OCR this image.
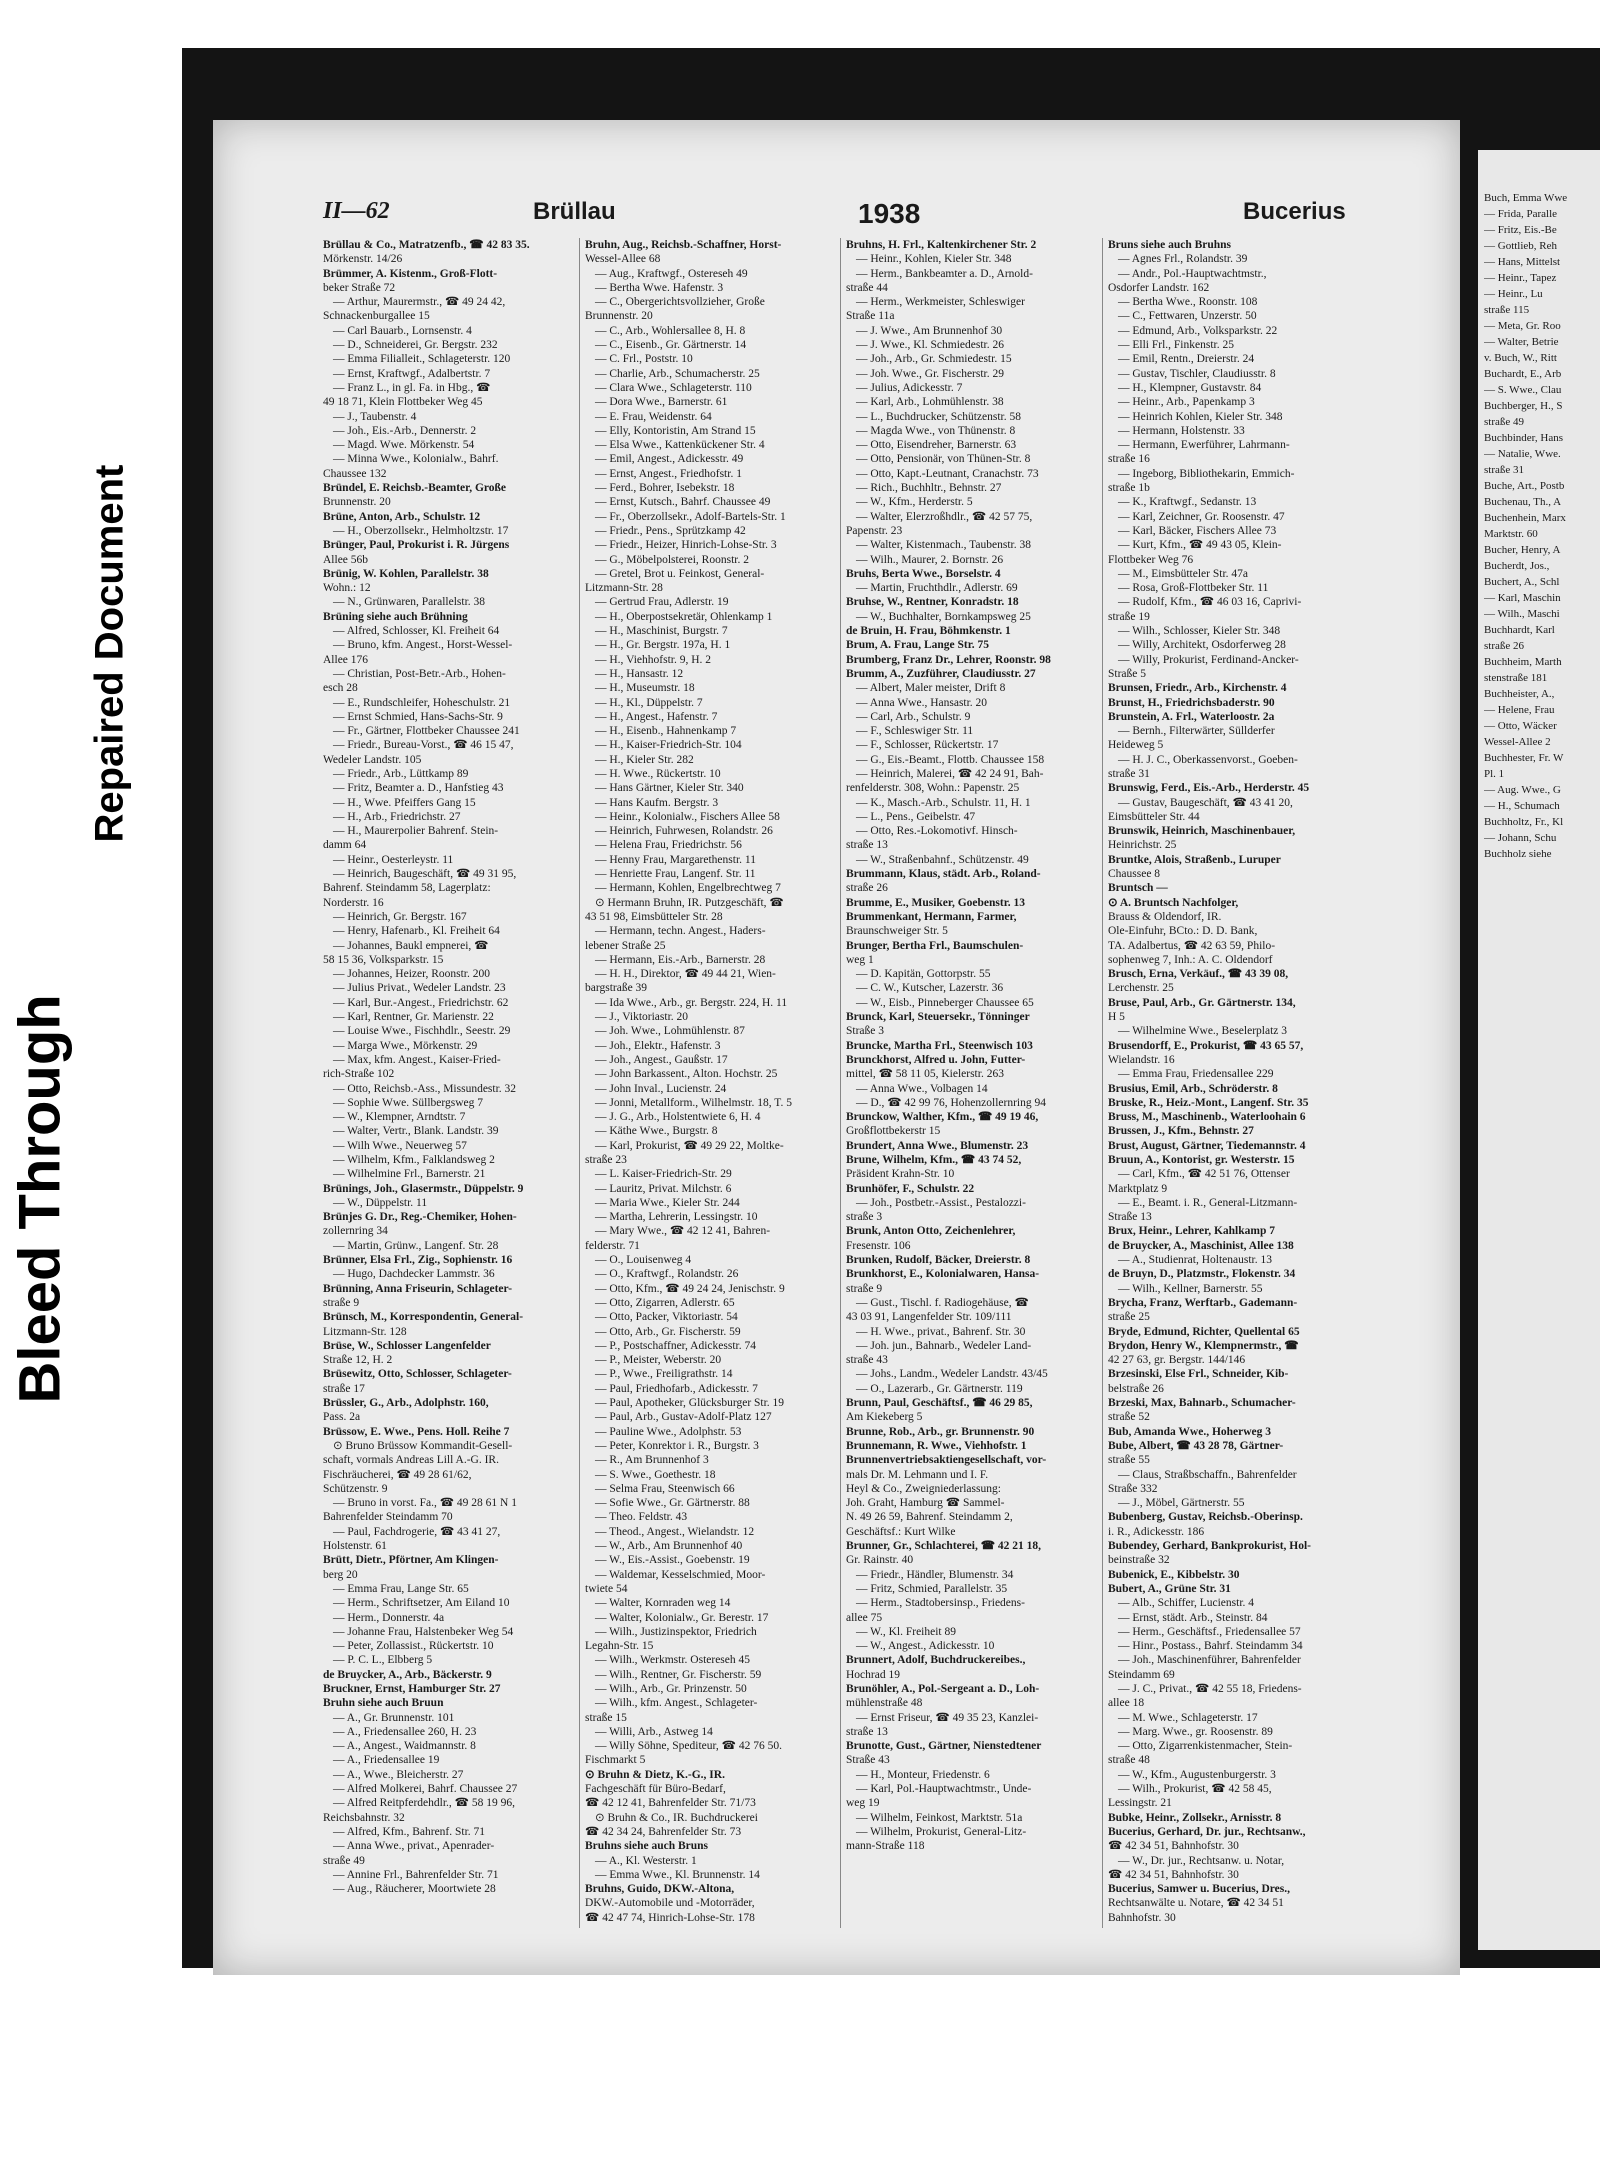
Bleed Through
Repaired Document
II—62	Brüllau	1938	Bucerius
Brüllau & Co., Matratzenfb., ☎ 42 83 35.
Mörkenstr. 14/26
Brümmer, A. Kistenm., Groß-Flott-
beker Straße 72
— Arthur, Maurermstr., ☎ 49 24 42,
Schnackenburgallee 15
— Carl Bauarb., Lornsenstr. 4
— D., Schneiderei, Gr. Bergstr. 232
— Emma Filialleit., Schlageterstr. 120
— Ernst, Kraftwgf., Adalbertstr. 7
— Franz L., in gl. Fa. in Hbg., ☎
49 18 71, Klein Flottbeker Weg 45
— J., Taubenstr. 4
— Joh., Eis.-Arb., Dennerstr. 2
— Magd. Wwe. Mörkenstr. 54
— Minna Wwe., Kolonialw., Bahrf.
Chaussee 132
Bründel, E. Reichsb.-Beamter, Große
Brunnenstr. 20
Brüne, Anton, Arb., Schulstr. 12
— H., Oberzollsekr., Helmholtzstr. 17
Brünger, Paul, Prokurist i. R. Jürgens
Allee 56b
Brünig, W. Kohlen, Parallelstr. 38
Wohn.: 12
— N., Grünwaren, Parallelstr. 38
Brüning siehe auch Brühning
— Alfred, Schlosser, Kl. Freiheit 64
— Bruno, kfm. Angest., Horst-Wessel-
Allee 176
— Christian, Post-Betr.-Arb., Hohen-
esch 28
— E., Rundschleifer, Hoheschulstr. 21
— Ernst Schmied, Hans-Sachs-Str. 9
— Fr., Gärtner, Flottbeker Chaussee 241
— Friedr., Bureau-Vorst., ☎ 46 15 47,
Wedeler Landstr. 105
— Friedr., Arb., Lüttkamp 89
— Fritz, Beamter a. D., Hanfstieg 43
— H., Wwe. Pfeiffers Gang 15
— H., Arb., Friedrichstr. 27
— H., Maurerpolier Bahrenf. Stein-
damm 64
— Heinr., Oesterleystr. 11
— Heinrich, Baugeschäft, ☎ 49 31 95,
Bahrenf. Steindamm 58, Lagerplatz:
Norderstr. 16
— Heinrich, Gr. Bergstr. 167
— Henry, Hafenarb., Kl. Freiheit 64
— Johannes, Baukl empnerei, ☎
58 15 36, Volksparkstr. 15
— Johannes, Heizer, Roonstr. 200
— Julius Privat., Wedeler Landstr. 23
— Karl, Bur.-Angest., Friedrichstr. 62
— Karl, Rentner, Gr. Marienstr. 22
— Louise Wwe., Fischhdlr., Seestr. 29
— Marga Wwe., Mörkenstr. 29
— Max, kfm. Angest., Kaiser-Fried-
rich-Straße 102
— Otto, Reichsb.-Ass., Missundestr. 32
— Sophie Wwe. Süllbergsweg 7
— W., Klempner, Arndtstr. 7
— Walter, Vertr., Blank. Landstr. 39
— Wilh Wwe., Neuerweg 57
— Wilhelm, Kfm., Falklandsweg 2
— Wilhelmine Frl., Barnerstr. 21
Brünings, Joh., Glasermstr., Düppelstr. 9
— W., Düppelstr. 11
Brünjes G. Dr., Reg.-Chemiker, Hohen-
zollernring 34
— Martin, Grünw., Langenf. Str. 28
Brünner, Elsa Frl., Zig., Sophienstr. 16
— Hugo, Dachdecker Lammstr. 36
Brünning, Anna Friseurin, Schlageter-
straße 9
Brünsch, M., Korrespondentin, General-
Litzmann-Str. 128
Brüse, W., Schlosser Langenfelder
Straße 12, H. 2
Brüsewitz, Otto, Schlosser, Schlageter-
straße 17
Brüssler, G., Arb., Adolphstr. 160,
Pass. 2a
Brüssow, E. Wwe., Pens. Holl. Reihe 7
⊙ Bruno Brüssow Kommandit-Gesell-
schaft, vormals Andreas Lill A.-G. IR.
Fischräucherei, ☎ 49 28 61/62,
Schützenstr. 9
— Bruno in vorst. Fa., ☎ 49 28 61 N 1
Bahrenfelder Steindamm 70
— Paul, Fachdrogerie, ☎ 43 41 27,
Holstenstr. 61
Brütt, Dietr., Pförtner, Am Klingen-
berg 20
— Emma Frau, Lange Str. 65
— Herm., Schriftsetzer, Am Eiland 10
— Herm., Donnerstr. 4a
— Johanne Frau, Halstenbeker Weg 54
— Peter, Zollassist., Rückertstr. 10
— P. C. L., Elbberg 5
de Bruycker, A., Arb., Bäckerstr. 9
Bruckner, Ernst, Hamburger Str. 27
Bruhn siehe auch Bruun
— A., Gr. Brunnenstr. 101
— A., Friedensallee 260, H. 23
— A., Angest., Waidmannstr. 8
— A., Friedensallee 19
— A., Wwe., Bleicherstr. 27
— Alfred Molkerei, Bahrf. Chaussee 27
— Alfred Reitpferdehdlr., ☎ 58 19 96,
Reichsbahnstr. 32
— Alfred, Kfm., Bahrenf. Str. 71
— Anna Wwe., privat., Apenrader-
straße 49
— Annine Frl., Bahrenfelder Str. 71
— Aug., Räucherer, Moortwiete 28
Bruhn, Aug., Reichsb.-Schaffner, Horst-
Wessel-Allee 68
— Aug., Kraftwgf., Ostereseh 49
— Bertha Wwe. Hafenstr. 3
— C., Obergerichtsvollzieher, Große
Brunnenstr. 20
— C., Arb., Wohlersallee 8, H. 8
— C., Eisenb., Gr. Gärtnerstr. 14
— C. Frl., Poststr. 10
— Charlie, Arb., Schumacherstr. 25
— Clara Wwe., Schlageterstr. 110
— Dora Wwe., Barnerstr. 61
— E. Frau, Weidenstr. 64
— Elly, Kontoristin, Am Strand 15
— Elsa Wwe., Kattenkückener Str. 4
— Emil, Angest., Adickesstr. 49
— Ernst, Angest., Friedhofstr. 1
— Ferd., Bohrer, Isebekstr. 18
— Ernst, Kutsch., Bahrf. Chaussee 49
— Fr., Oberzollsekr., Adolf-Bartels-Str. 1
— Friedr., Pens., Sprützkamp 42
— Friedr., Heizer, Hinrich-Lohse-Str. 3
— G., Möbelpolsterei, Roonstr. 2
— Gretel, Brot u. Feinkost, General-
Litzmann-Str. 28
— Gertrud Frau, Adlerstr. 19
— H., Oberpostsekretär, Ohlenkamp 1
— H., Maschinist, Burgstr. 7
— H., Gr. Bergstr. 197a, H. 1
— H., Viehhofstr. 9, H. 2
— H., Hansastr. 12
— H., Museumstr. 18
— H., Kl., Düppelstr. 7
— H., Angest., Hafenstr. 7
— H., Eisenb., Hahnenkamp 7
— H., Kaiser-Friedrich-Str. 104
— H., Kieler Str. 282
— H. Wwe., Rückertstr. 10
— Hans Gärtner, Kieler Str. 340
— Hans Kaufm. Bergstr. 3
— Heinr., Kolonialw., Fischers Allee 58
— Heinrich, Fuhrwesen, Rolandstr. 26
— Helena Frau, Friedrichstr. 56
— Henny Frau, Margarethenstr. 11
— Henriette Frau, Langenf. Str. 11
— Hermann, Kohlen, Engelbrechtweg 7
⊙ Hermann Bruhn, IR. Putzgeschäft, ☎
43 51 98, Eimsbütteler Str. 28
— Hermann, techn. Angest., Haders-
lebener Straße 25
— Hermann, Eis.-Arb., Barnerstr. 28
— H. H., Direktor, ☎ 49 44 21, Wien-
bargstraße 39
— Ida Wwe., Arb., gr. Bergstr. 224, H. 11
— J., Viktoriastr. 20
— Joh. Wwe., Lohmühlenstr. 87
— Joh., Elektr., Hafenstr. 3
— Joh., Angest., Gaußstr. 17
— John Barkassent., Alton. Hochstr. 25
— John Inval., Lucienstr. 24
— Jonni, Metallform., Wilhelmstr. 18, T. 5
— J. G., Arb., Holstentwiete 6, H. 4
— Käthe Wwe., Burgstr. 8
— Karl, Prokurist, ☎ 49 29 22, Moltke-
straße 23
— L. Kaiser-Friedrich-Str. 29
— Lauritz, Privat. Milchstr. 6
— Maria Wwe., Kieler Str. 244
— Martha, Lehrerin, Lessingstr. 10
— Mary Wwe., ☎ 42 12 41, Bahren-
felderstr. 71
— O., Louisenweg 4
— O., Kraftwgf., Rolandstr. 26
— Otto, Kfm., ☎ 49 24 24, Jenischstr. 9
— Otto, Zigarren, Adlerstr. 65
— Otto, Packer, Viktoriastr. 54
— Otto, Arb., Gr. Fischerstr. 59
— P., Postschaffner, Adickesstr. 74
— P., Meister, Weberstr. 20
— P., Wwe., Freiligrathstr. 14
— Paul, Friedhofarb., Adickesstr. 7
— Paul, Apotheker, Glücksburger Str. 19
— Paul, Arb., Gustav-Adolf-Platz 127
— Pauline Wwe., Adolphstr. 53
— Peter, Konrektor i. R., Burgstr. 3
— R., Am Brunnenhof 3
— S. Wwe., Goethestr. 18
— Selma Frau, Steenwisch 66
— Sofie Wwe., Gr. Gärtnerstr. 88
— Theo. Feldstr. 43
— Theod., Angest., Wielandstr. 12
— W., Arb., Am Brunnenhof 40
— W., Eis.-Assist., Goebenstr. 19
— Waldemar, Kesselschmied, Moor-
twiete 54
— Walter, Kornraden weg 14
— Walter, Kolonialw., Gr. Berestr. 17
— Wilh., Justizinspektor, Friedrich
Legahn-Str. 15
— Wilh., Werkmstr. Ostereseh 45
— Wilh., Rentner, Gr. Fischerstr. 59
— Wilh., Arb., Gr. Prinzenstr. 50
— Wilh., kfm. Angest., Schlageter-
straße 15
— Willi, Arb., Astweg 14
— Willy Söhne, Spediteur, ☎ 42 76 50.
Fischmarkt 5
⊙ Bruhn & Dietz, K.-G., IR.
Fachgeschäft für Büro-Bedarf,
☎ 42 12 41, Bahrenfelder Str. 71/73
⊙ Bruhn & Co., IR. Buchdruckerei
☎ 42 34 24, Bahrenfelder Str. 73
Bruhns siehe auch Bruns
— A., Kl. Westerstr. 1
— Emma Wwe., Kl. Brunnenstr. 14
Bruhns, Guido, DKW.-Altona,
DKW.-Automobile und -Motorräder,
☎ 42 47 74, Hinrich-Lohse-Str. 178
Bruhns, H. Frl., Kaltenkirchener Str. 2
— Heinr., Kohlen, Kieler Str. 348
— Herm., Bankbeamter a. D., Arnold-
straße 44
— Herm., Werkmeister, Schleswiger
Straße 11a
— J. Wwe., Am Brunnenhof 30
— J. Wwe., Kl. Schmiedestr. 26
— Joh., Arb., Gr. Schmiedestr. 15
— Joh. Wwe., Gr. Fischerstr. 29
— Julius, Adickesstr. 7
— Karl, Arb., Lohmühlenstr. 38
— L., Buchdrucker, Schützenstr. 58
— Magda Wwe., von Thünenstr. 8
— Otto, Eisendreher, Barnerstr. 63
— Otto, Pensionär, von Thünen-Str. 8
— Otto, Kapt.-Leutnant, Cranachstr. 73
— Rich., Buchhltr., Behnstr. 27
— W., Kfm., Herderstr. 5
— Walter, Elerzroßhdlr., ☎ 42 57 75,
Papenstr. 23
— Walter, Kistenmach., Taubenstr. 38
— Wilh., Maurer, 2. Bornstr. 26
Bruhs, Berta Wwe., Borselstr. 4
— Martin, Fruchthdlr., Adlerstr. 69
Bruhse, W., Rentner, Konradstr. 18
— W., Buchhalter, Bornkampsweg 25
de Bruin, H. Frau, Böhmkenstr. 1
Brum, A. Frau, Lange Str. 75
Brumberg, Franz Dr., Lehrer, Roonstr. 98
Brumm, A., Zuzführer, Claudiusstr. 27
— Albert, Maler meister, Drift 8
— Anna Wwe., Hansastr. 20
— Carl, Arb., Schulstr. 9
— F., Schleswiger Str. 11
— F., Schlosser, Rückertstr. 17
— G., Eis.-Beamt., Flottb. Chaussee 158
— Heinrich, Malerei, ☎ 42 24 91, Bah-
renfelderstr. 308, Wohn.: Papenstr. 25
— K., Masch.-Arb., Schulstr. 11, H. 1
— L., Pens., Geibelstr. 47
— Otto, Res.-Lokomotivf. Hinsch-
straße 13
— W., Straßenbahnf., Schützenstr. 49
Brummann, Klaus, städt. Arb., Roland-
straße 26
Brumme, E., Musiker, Goebenstr. 13
Brummenkant, Hermann, Farmer,
Braunschweiger Str. 5
Brunger, Bertha Frl., Baumschulen-
weg 1
— D. Kapitän, Gottorpstr. 55
— C. W., Kutscher, Lazerstr. 36
— W., Eisb., Pinneberger Chaussee 65
Brunck, Karl, Steuersekr., Tönninger
Straße 3
Bruncke, Martha Frl., Steenwisch 103
Brunckhorst, Alfred u. John, Futter-
mittel, ☎ 58 11 05, Kielerstr. 263
— Anna Wwe., Volbagen 14
— D., ☎ 42 99 76, Hohenzollernring 94
Brunckow, Walther, Kfm., ☎ 49 19 46,
Großflottbekerstr 15
Brundert, Anna Wwe., Blumenstr. 23
Brune, Wilhelm, Kfm., ☎ 43 74 52,
Präsident Krahn-Str. 10
Brunhöfer, F., Schulstr. 22
— Joh., Postbetr.-Assist., Pestalozzi-
straße 3
Brunk, Anton Otto, Zeichenlehrer,
Fresenstr. 106
Brunken, Rudolf, Bäcker, Dreierstr. 8
Brunkhorst, E., Kolonialwaren, Hansa-
straße 9
— Gust., Tischl. f. Radiogehäuse, ☎
43 03 91, Langenfelder Str. 109/111
— H. Wwe., privat., Bahrenf. Str. 30
— Joh. jun., Bahnarb., Wedeler Land-
straße 43
— Johs., Landm., Wedeler Landstr. 43/45
— O., Lazerarb., Gr. Gärtnerstr. 119
Brunn, Paul, Geschäftsf., ☎ 46 29 85,
Am Kiekeberg 5
Brunne, Rob., Arb., gr. Brunnenstr. 90
Brunnemann, R. Wwe., Viehhofstr. 1
Brunnenvertriebsaktiengesellschaft, vor-
mals Dr. M. Lehmann und I. F.
Heyl & Co., Zweigniederlassung:
Joh. Graht, Hamburg ☎ Sammel-
N. 49 26 59, Bahrenf. Steindamm 2,
Geschäftsf.: Kurt Wilke
Brunner, Gr., Schlachterei, ☎ 42 21 18,
Gr. Rainstr. 40
— Friedr., Händler, Blumenstr. 34
— Fritz, Schmied, Parallelstr. 35
— Herm., Stadtobersinsp., Friedens-
allee 75
— W., Kl. Freiheit 89
— W., Angest., Adickesstr. 10
Brunnert, Adolf, Buchdruckereibes.,
Hochrad 19
Brunöhler, A., Pol.-Sergeant a. D., Loh-
mühlenstraße 48
— Ernst Friseur, ☎ 49 35 23, Kanzlei-
straße 13
Brunotte, Gust., Gärtner, Nienstedtener
Straße 43
— H., Monteur, Friedenstr. 6
— Karl, Pol.-Hauptwachtmstr., Unde-
weg 19
— Wilhelm, Feinkost, Marktstr. 51a
— Wilhelm, Prokurist, General-Litz-
mann-Straße 118
Bruns siehe auch Bruhns
— Agnes Frl., Rolandstr. 39
— Andr., Pol.-Hauptwachtmstr.,
Osdorfer Landstr. 162
— Bertha Wwe., Roonstr. 108
— C., Fettwaren, Unzerstr. 50
— Edmund, Arb., Volksparkstr. 22
— Elli Frl., Finkenstr. 25
— Emil, Rentn., Dreierstr. 24
— Gustav, Tischler, Claudiusstr. 8
— H., Klempner, Gustavstr. 84
— Heinr., Arb., Papenkamp 3
— Heinrich Kohlen, Kieler Str. 348
— Hermann, Holstenstr. 33
— Hermann, Ewerführer, Lahrmann-
straße 16
— Ingeborg, Bibliothekarin, Emmich-
straße 1b
— K., Kraftwgf., Sedanstr. 13
— Karl, Zeichner, Gr. Roosenstr. 47
— Karl, Bäcker, Fischers Allee 73
— Kurt, Kfm., ☎ 49 43 05, Klein-
Flottbeker Weg 76
— M., Eimsbütteler Str. 47a
— Rosa, Groß-Flottbeker Str. 11
— Rudolf, Kfm., ☎ 46 03 16, Caprivi-
straße 19
— Wilh., Schlosser, Kieler Str. 348
— Willy, Architekt, Osdorferweg 28
— Willy, Prokurist, Ferdinand-Ancker-
Straße 5
Brunsen, Friedr., Arb., Kirchenstr. 4
Brunst, H., Friedrichsbaderstr. 90
Brunstein, A. Frl., Waterloostr. 2a
— Bernh., Filterwärter, Süllderfer
Heideweg 5
— H. J. C., Oberkassenvorst., Goeben-
straße 31
Brunswig, Ferd., Eis.-Arb., Herderstr. 45
— Gustav, Baugeschäft, ☎ 43 41 20,
Eimsbütteler Str. 44
Brunswik, Heinrich, Maschinenbauer,
Heinrichstr. 25
Bruntke, Alois, Straßenb., Luruper
Chaussee 8
Bruntsch —
⊙ A. Bruntsch Nachfolger,
Brauss & Oldendorf, IR.
Ole-Einfuhr, BCto.: D. D. Bank,
TA. Adalbertus, ☎ 42 63 59, Philo-
sophenweg 7, Inh.: A. C. Oldendorf
Brusch, Erna, Verkäuf., ☎ 43 39 08,
Lerchenstr. 25
Bruse, Paul, Arb., Gr. Gärtnerstr. 134,
H 5
— Wilhelmine Wwe., Beselerplatz 3
Brusendorff, E., Prokurist, ☎ 43 65 57,
Wielandstr. 16
— Emma Frau, Friedensallee 229
Brusius, Emil, Arb., Schröderstr. 8
Bruske, R., Heiz.-Mont., Langenf. Str. 35
Bruss, M., Maschinenb., Waterloohain 6
Brussen, J., Kfm., Behnstr. 27
Brust, August, Gärtner, Tiedemannstr. 4
Bruun, A., Kontorist, gr. Westerstr. 15
— Carl, Kfm., ☎ 42 51 76, Ottenser
Marktplatz 9
— E., Beamt. i. R., General-Litzmann-
Straße 13
Brux, Heinr., Lehrer, Kahlkamp 7
de Bruycker, A., Maschinist, Allee 138
— A., Studienrat, Holtenaustr. 13
de Bruyn, D., Platzmstr., Flokenstr. 34
— Wilh., Kellner, Barnerstr. 55
Brycha, Franz, Werftarb., Gademann-
straße 25
Bryde, Edmund, Richter, Quellental 65
Brydon, Henry W., Klempnermstr., ☎
42 27 63, gr. Bergstr. 144/146
Brzesinski, Else Frl., Schneider, Kib-
belstraße 26
Brzeski, Max, Bahnarb., Schumacher-
straße 52
Bub, Amanda Wwe., Hoherweg 3
Bube, Albert, ☎ 43 28 78, Gärtner-
straße 55
— Claus, Straßbschaffn., Bahrenfelder
Straße 332
— J., Möbel, Gärtnerstr. 55
Bubenberg, Gustav, Reichsb.-Oberinsp.
i. R., Adickesstr. 186
Bubendey, Gerhard, Bankprokurist, Hol-
beinstraße 32
Bubenick, E., Kibbelstr. 30
Bubert, A., Grüne Str. 31
— Alb., Schiffer, Lucienstr. 4
— Ernst, städt. Arb., Steinstr. 84
— Herm., Geschäftsf., Friedensallee 57
— Hinr., Postass., Bahrf. Steindamm 34
— Joh., Maschinenführer, Bahrenfelder
Steindamm 69
— J. C., Privat., ☎ 42 55 18, Friedens-
allee 18
— M. Wwe., Schlageterstr. 17
— Marg. Wwe., gr. Roosenstr. 89
— Otto, Zigarrenkistenmacher, Stein-
straße 48
— W., Kfm., Augustenburgerstr. 3
— Wilh., Prokurist, ☎ 42 58 45,
Lessingstr. 21
Bubke, Heinr., Zollsekr., Arnisstr. 8
Bucerius, Gerhard, Dr. jur., Rechtsanw.,
☎ 42 34 51, Bahnhofstr. 30
— W., Dr. jur., Rechtsanw. u. Notar,
☎ 42 34 51, Bahnhofstr. 30
Bucerius, Samwer u. Bucerius, Dres.,
Rechtsanwälte u. Notare, ☎ 42 34 51
Bahnhofstr. 30
Buch, Emma Wwe
— Frida, Paralle
— Fritz, Eis.-Be
— Gottlieb, Reh
— Hans, Mittelst
— Heinr., Tapez
— Heinr., Lu
straße 115
— Meta, Gr. Roo
— Walter, Betrie
v. Buch, W., Ritt
Buchardt, E., Arb
— S. Wwe., Clau
Buchberger, H., S
straße 49
Buchbinder, Hans
— Natalie, Wwe.
straße 31
Buche, Art., Postb
Buchenau, Th., A
Buchenhein, Marx
Marktstr. 60
Bucher, Henry, A
Bucherdt, Jos.,
Buchert, A., Schl
— Karl, Maschin
— Wilh., Maschi
Buchhardt, Karl
straße 26
Buchheim, Marth
stenstraße 181
Buchheister, A.,
— Helene, Frau
— Otto, Wäcker
Wessel-Allee 2
Buchhester, Fr. W
Pl. 1
— Aug. Wwe., G
— H., Schumach
Buchholtz, Fr., Kl
— Johann, Schu
Buchholz siehe
